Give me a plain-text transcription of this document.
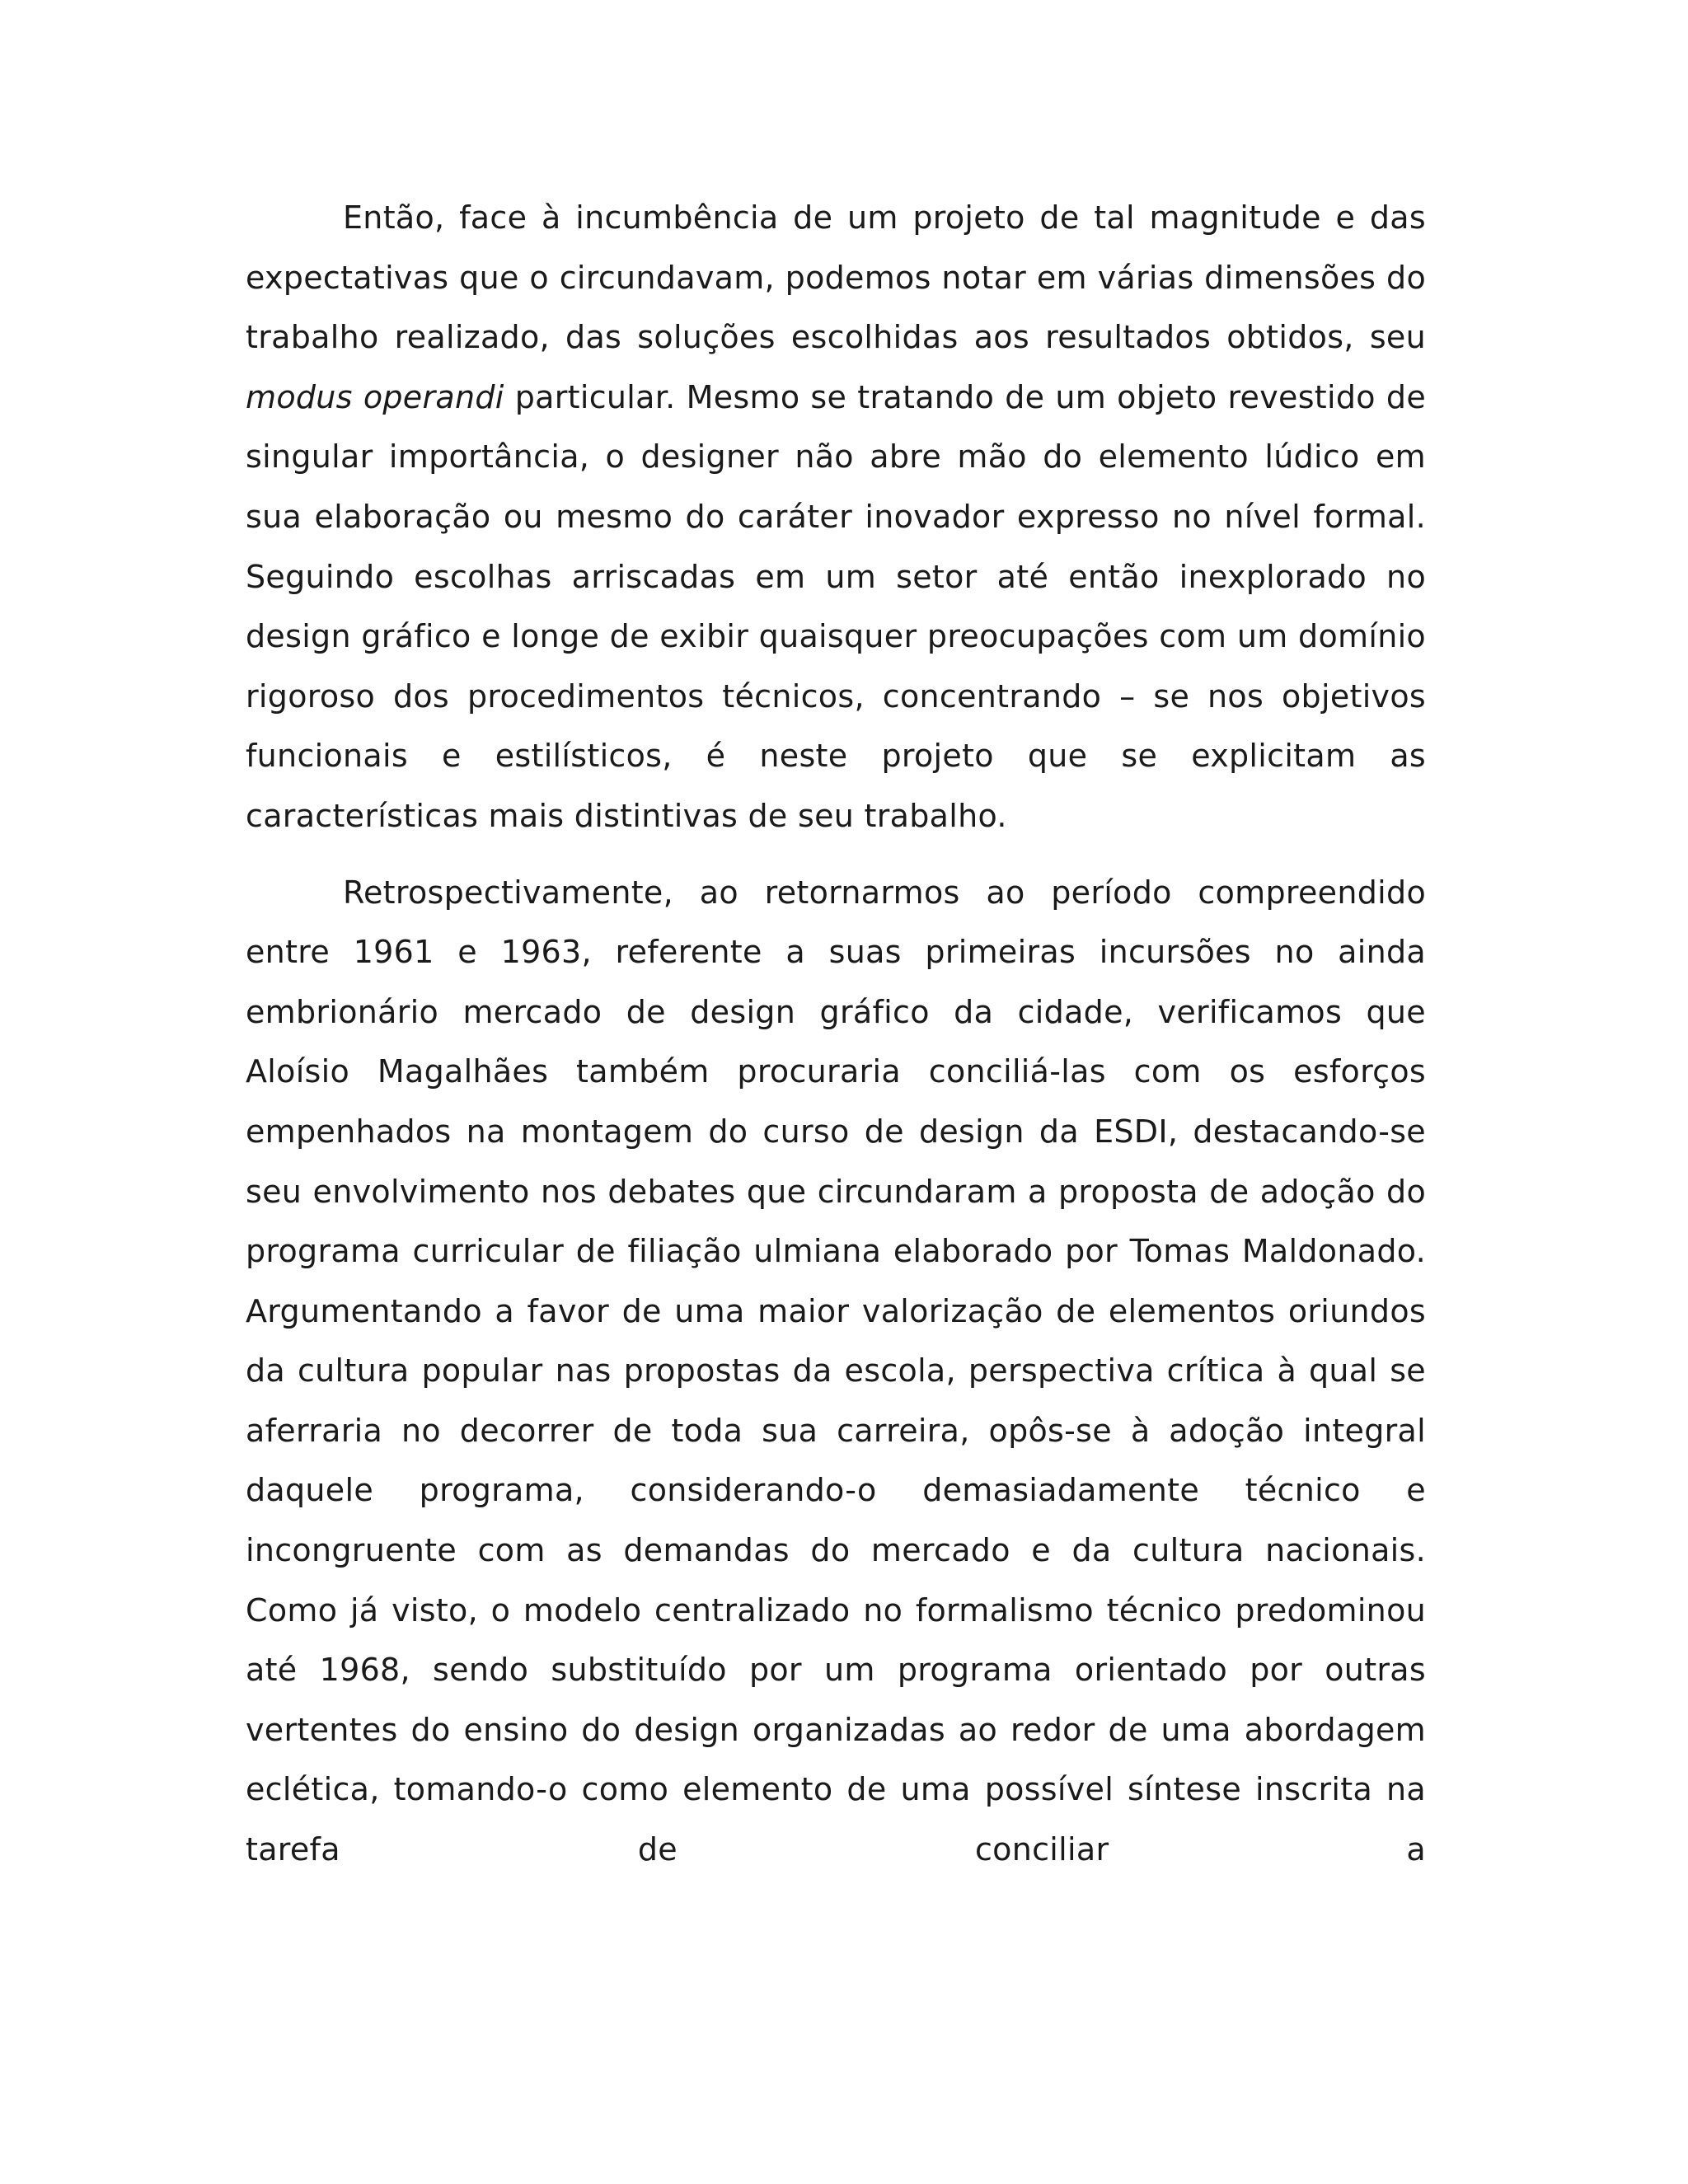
Então, face à incumbência de um projeto de tal magnitude e das expectativas que o circundavam, podemos notar em várias dimensões do trabalho realizado, das soluções escolhidas aos resultados obtidos, seu modus operandi particular. Mesmo se tratando de um objeto revestido de singular importância, o designer não abre mão do elemento lúdico em sua elaboração ou mesmo do caráter inovador expresso no nível formal. Seguindo escolhas arriscadas em um setor até então inexplorado no design gráfico e longe de exibir quaisquer preocupações com um domínio rigoroso dos procedimentos técnicos, concentrando – se nos objetivos funcionais e estilísticos, é neste projeto que se explicitam as características mais distintivas de seu trabalho.

Retrospectivamente, ao retornarmos ao período compreendido entre 1961 e 1963, referente a suas primeiras incursões no ainda embrionário mercado de design gráfico da cidade, verificamos que Aloísio Magalhães também procuraria conciliá-las com os esforços empenhados na montagem do curso de design da ESDI, destacando-se seu envolvimento nos debates que circundaram a proposta de adoção do programa curricular de filiação ulmiana elaborado por Tomas Maldonado. Argumentando a favor de uma maior valorização de elementos oriundos da cultura popular nas propostas da escola, perspectiva crítica à qual se aferraria no decorrer de toda sua carreira, opôs-se à adoção integral daquele programa, considerando-o demasiadamente técnico e incongruente com as demandas do mercado e da cultura nacionais. Como já visto, o modelo centralizado no formalismo técnico predominou até 1968, sendo substituído por um programa orientado por outras vertentes do ensino do design organizadas ao redor de uma abordagem eclética, tomando-o como elemento de uma possível síntese inscrita na tarefa de conciliar a
